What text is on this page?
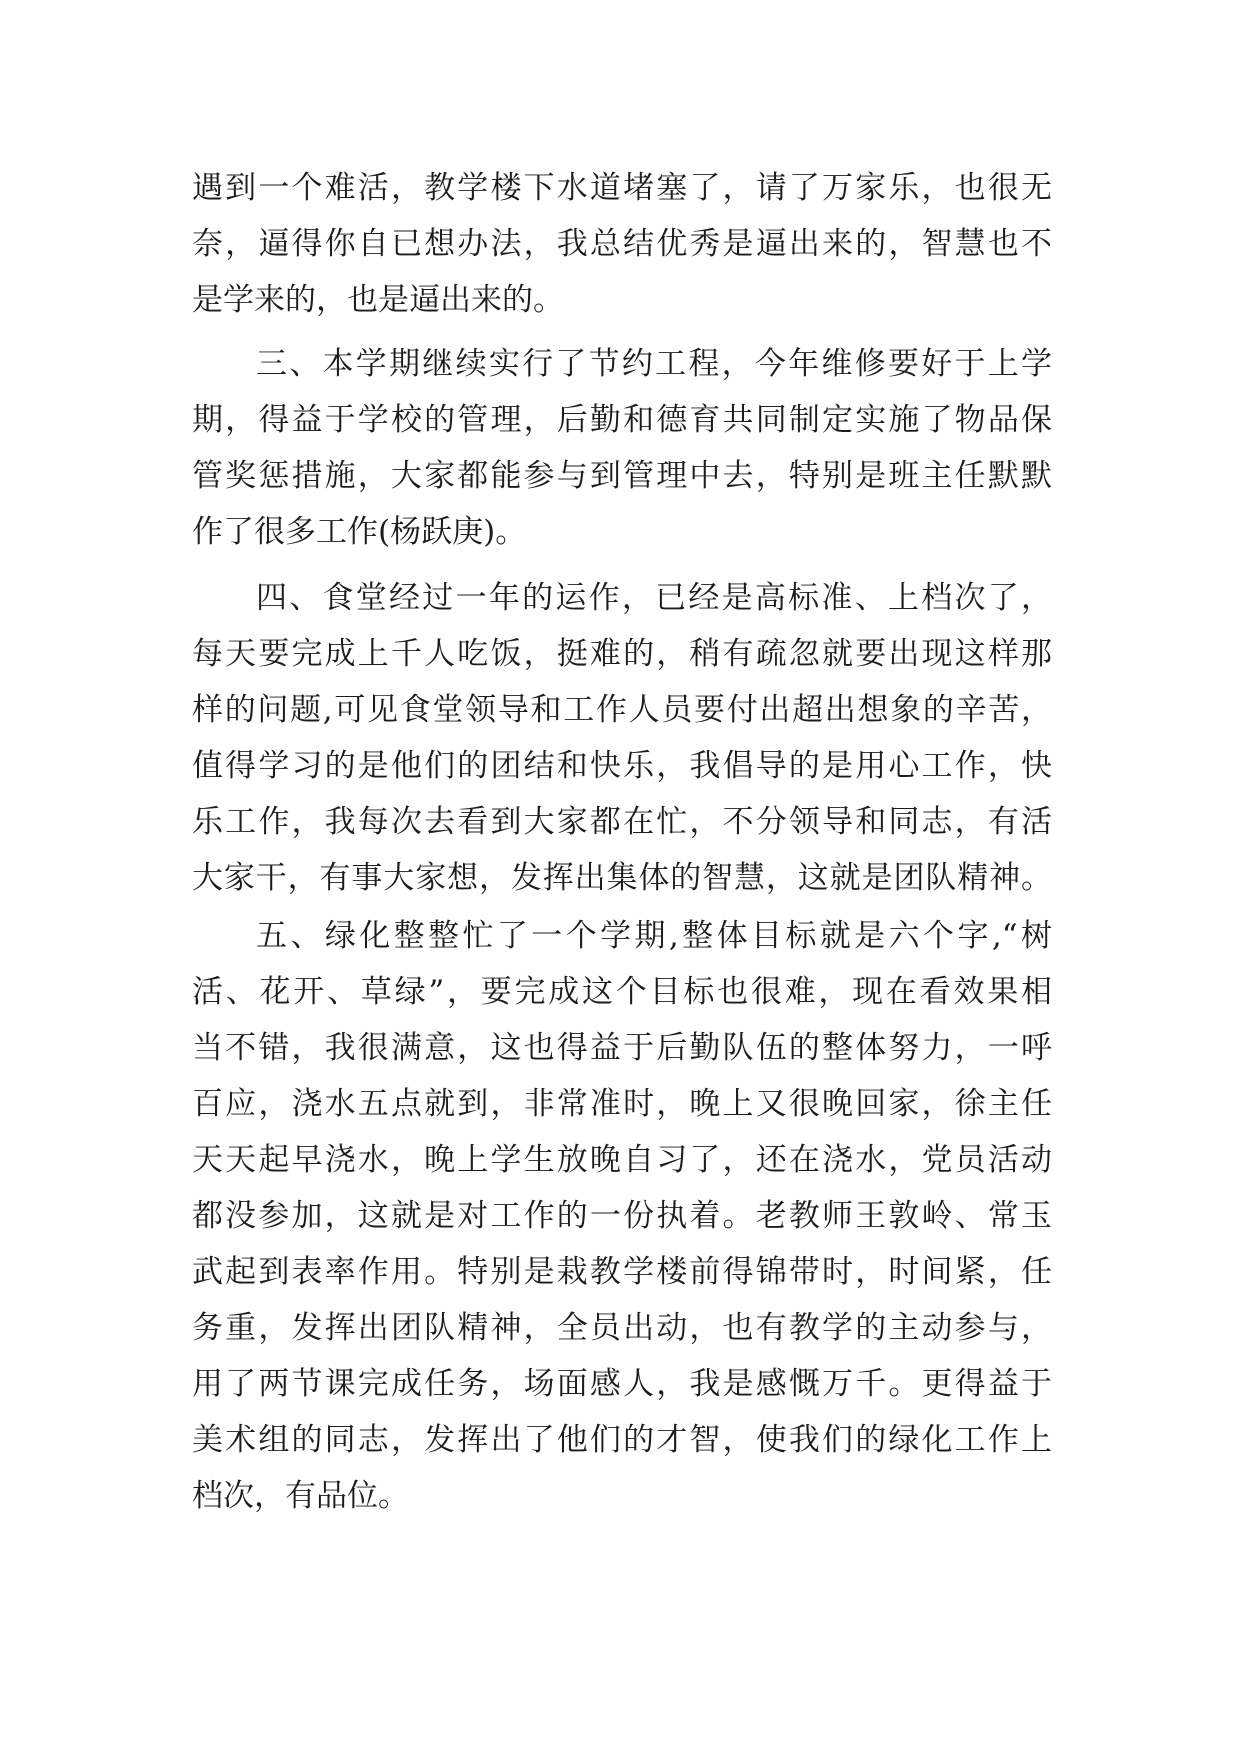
遇到一个难活，教学楼下水道堵塞了，请了万家乐，也很无
奈，逼得你自已想办法，我总结优秀是逼出来的，智慧也不
是学来的，也是逼出来的。
三、本学期继续实行了节约工程，今年维修要好于上学
期，得益于学校的管理，后勤和德育共同制定实施了物品保
管奖惩措施，大家都能参与到管理中去，特别是班主任默默
作了很多工作(杨跃庚)。
四、食堂经过一年的运作，已经是高标准、上档次了，
每天要完成上千人吃饭，挺难的，稍有疏忽就要出现这样那
样的问题,可见食堂领导和工作人员要付出超出想象的辛苦，
值得学习的是他们的团结和快乐，我倡导的是用心工作，快
乐工作，我每次去看到大家都在忙，不分领导和同志，有活
大家干，有事大家想，发挥出集体的智慧，这就是团队精神。
五、绿化整整忙了一个学期,整体目标就是六个字,“树
活、花开、草绿”，要完成这个目标也很难，现在看效果相
当不错，我很满意，这也得益于后勤队伍的整体努力，一呼
百应，浇水五点就到，非常准时，晚上又很晚回家，徐主任
天天起早浇水，晚上学生放晚自习了，还在浇水，党员活动
都没参加，这就是对工作的一份执着。老教师王敦岭、常玉
武起到表率作用。特别是栽教学楼前得锦带时，时间紧，任
务重，发挥出团队精神，全员出动，也有教学的主动参与，
用了两节课完成任务，场面感人，我是感慨万千。更得益于
美术组的同志，发挥出了他们的才智，使我们的绿化工作上
档次，有品位。
